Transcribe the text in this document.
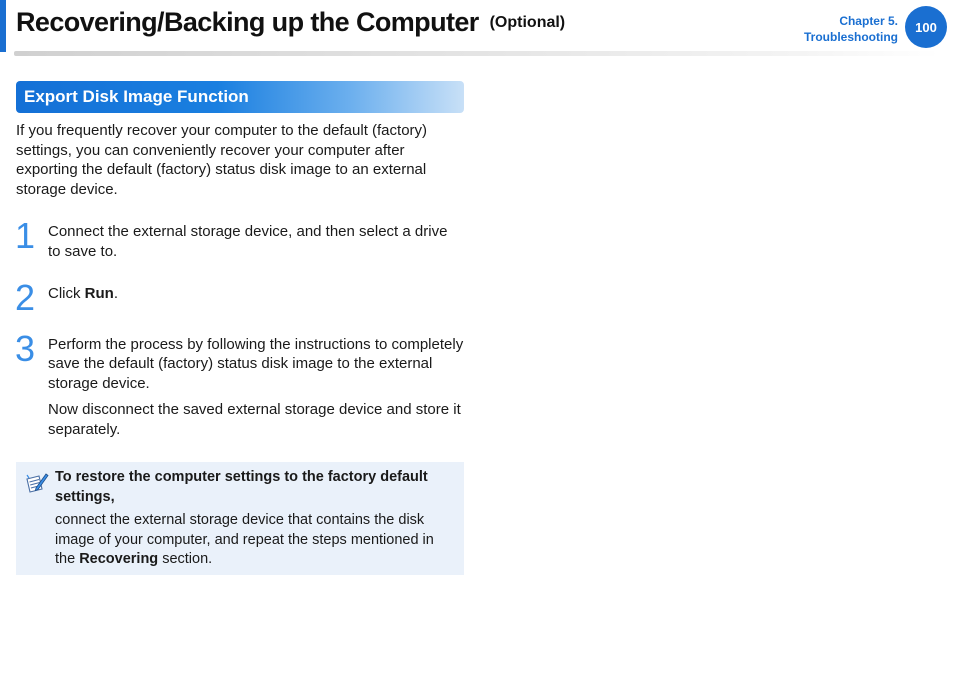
Recovering/Backing up the Computer (Optional)	Chapter 5.
Troubleshooting
100
Export Disk Image Function

If you frequently recover your computer to the default (factory) settings, you can conveniently recover your computer after exporting the default (factory) status disk image to an external storage device.

1 Connect the external storage device, and then select a drive to save to.

2 Click Run.

3 Perform the process by following the instructions to completely save the default (factory) status disk image to the external storage device.

Now disconnect the saved external storage device and store it separately.

To restore the computer settings to the factory default settings,
connect the external storage device that contains the disk image of your computer, and repeat the steps mentioned in the Recovering section.
